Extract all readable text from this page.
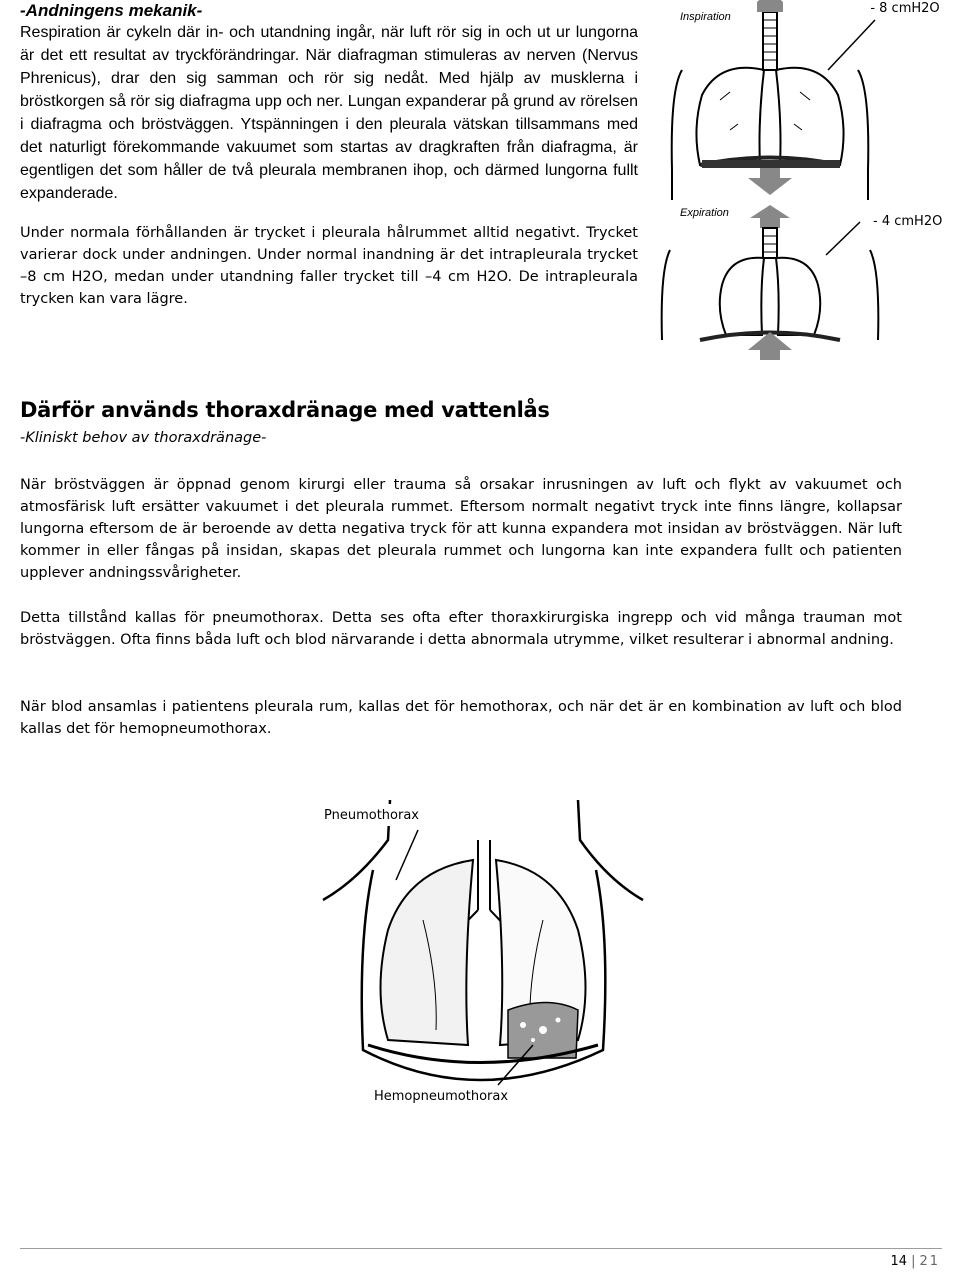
-Andningens mekanik-

Respiration är cykeln där in- och utandning ingår, när luft rör sig in och ut ur lungorna är det ett resultat av tryckförändringar. När diafragman stimuleras av nerven (Nervus Phrenicus), drar den sig samman och rör sig nedåt. Med hjälp av musklerna i bröstkorgen så rör sig diafragma upp och ner. Lungan expanderar på grund av rörelsen i diafragma och bröstväggen. Ytspänningen i den pleurala vätskan tillsammans med det naturligt förekommande vakuumet som startas av dragkraften från diafragma, är egentligen det som håller de två pleurala membranen ihop, och därmed lungorna fullt expanderade.

Under normala förhållanden är trycket i pleurala hålrummet alltid negativt. Trycket varierar dock under andningen. Under normal inandning är det intrapleurala trycket –8 cm H2O, medan under utandning faller trycket till –4 cm H2O. De intrapleurala trycken kan vara lägre.

Inspiration
- 8 cmH2O
Expiration
- 4 cmH2O
Därför används thoraxdränage med vattenlås

-Kliniskt behov av thoraxdränage-

När bröstväggen är öppnad genom kirurgi eller trauma så orsakar inrusningen av luft och flykt av vakuumet och atmosfärisk luft ersätter vakuumet i det pleurala rummet. Eftersom normalt negativt tryck inte finns längre, kollapsar lungorna eftersom de är beroende av detta negativa tryck för att kunna expandera mot insidan av bröstväggen. När luft kommer in eller fångas på insidan, skapas det pleurala rummet och lungorna kan inte expandera fullt och patienten upplever andningssvårigheter.

Detta tillstånd kallas för pneumothorax. Detta ses ofta efter thoraxkirurgiska ingrepp och vid många trauman mot bröstväggen. Ofta finns båda luft och blod närvarande i detta abnormala utrymme, vilket resulterar i abnormal andning.

När blod ansamlas i patientens pleurala rum, kallas det för hemothorax, och när det är en kombination av luft och blod kallas det för hemopneumothorax.

Pneumothorax
Hemopneumothorax
14 | 21
